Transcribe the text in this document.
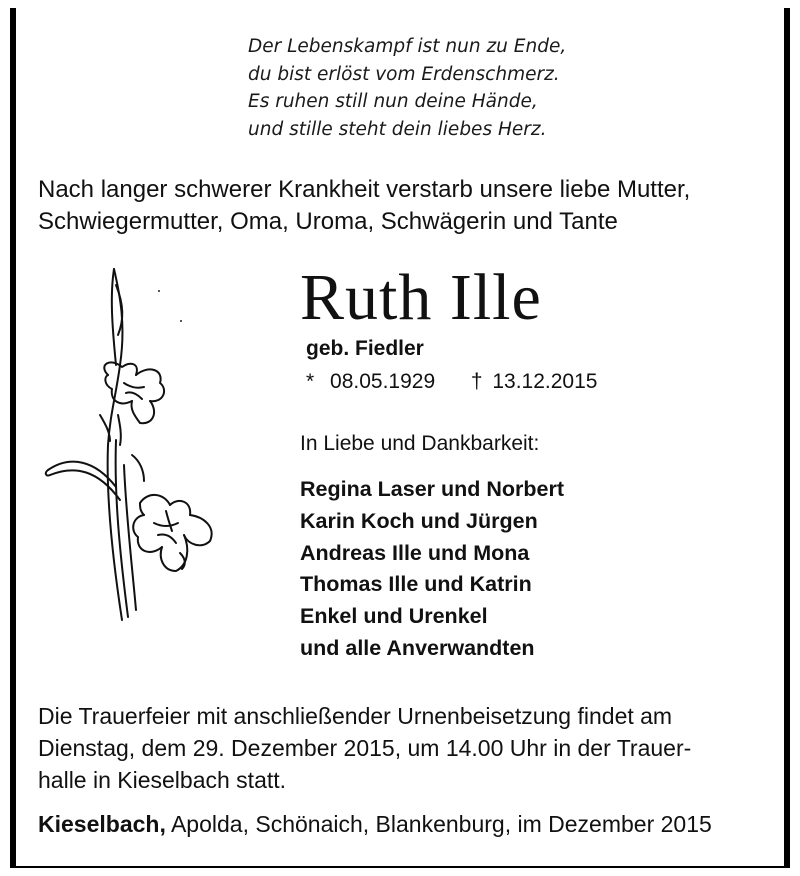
Der Lebenskampf ist nun zu Ende,
du bist erlöst vom Erdenschmerz.
Es ruhen still nun deine Hände,
und stille steht dein liebes Herz.
Nach langer schwerer Krankheit verstarb unsere liebe Mutter,
Schwiegermutter, Oma, Uroma, Schwägerin und Tante
Ruth Ille
geb. Fiedler
* 08.05.1929 † 13.12.2015
In Liebe und Dankbarkeit:
Regina Laser und Norbert
Karin Koch und Jürgen
Andreas Ille und Mona
Thomas Ille und Katrin
Enkel und Urenkel
und alle Anverwandten
Die Trauerfeier mit anschließender Urnenbeisetzung findet am
Dienstag, dem 29. Dezember 2015, um 14.00 Uhr in der Trauer-
halle in Kieselbach statt.
Kieselbach, Apolda, Schönaich, Blankenburg, im Dezember 2015
